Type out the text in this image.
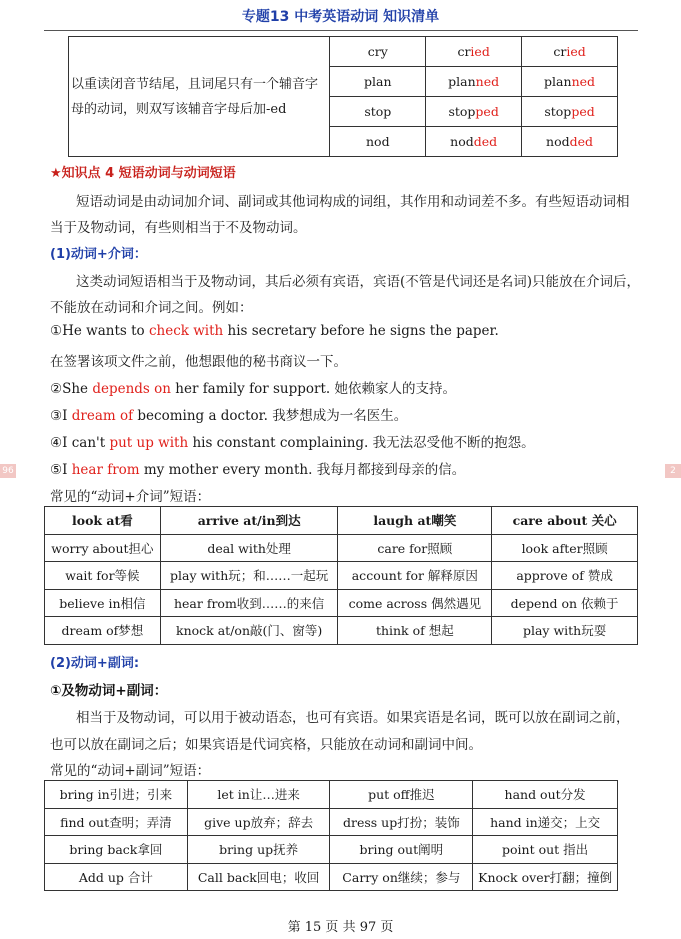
专题13 中考英语动词 知识清单
以重读闭音节结尾，且词尾只有一个辅音字母的动词，则双写该辅音字母后加-ed	cry	cried	cried
	plan	planned	planned
	stop	stopped	stopped
	nod	nodded	nodded
★知识点 4 短语动词与动词短语
短语动词是由动词加介词、副词或其他词构成的词组，其作用和动词差不多。有些短语动词相
当于及物动词，有些则相当于不及物动词。
(1)动词+介词：
这类动词短语相当于及物动词，其后必须有宾语，宾语(不管是代词还是名词)只能放在介词后，
不能放在动词和介词之间。例如：
①He wants to check with his secretary before he signs the paper.
在签署该项文件之前，他想跟他的秘书商议一下。
②She depends on her family for support. 她依赖家人的支持。
③I dream of becoming a doctor. 我梦想成为一名医生。
④I can't put up with his constant complaining. 我无法忍受他不断的抱怨。
⑤I hear from my mother every month. 我每月都接到母亲的信。
96	2
常见的“动词+介词”短语：
look at看	arrive at/in到达	laugh at嘲笑	care about 关心
worry about担心	deal with处理	care for照顾	look after照顾
wait for等候	play with玩；和……一起玩	account for 解释原因	approve of 赞成
believe in相信	hear from收到……的来信	come across 偶然遇见	depend on 依赖于
dream of梦想	knock at/on敲(门、窗等)	think of 想起	play with玩耍
(2)动词+副词:
①及物动词+副词：
相当于及物动词，可以用于被动语态，也可有宾语。如果宾语是名词，既可以放在副词之前，
也可以放在副词之后；如果宾语是代词宾格，只能放在动词和副词中间。
常见的“动词+副词”短语：
bring in引进；引来	let in让…进来	put off推迟	hand out分发
find out查明；弄清	give up放弃；辞去	dress up打扮；装饰	hand in递交；上交
bring back拿回	bring up抚养	bring out阐明	point out 指出
Add up 合计	Call back回电；收回	Carry on继续；参与	Knock over打翻；撞倒
第 15 页 共 97 页
